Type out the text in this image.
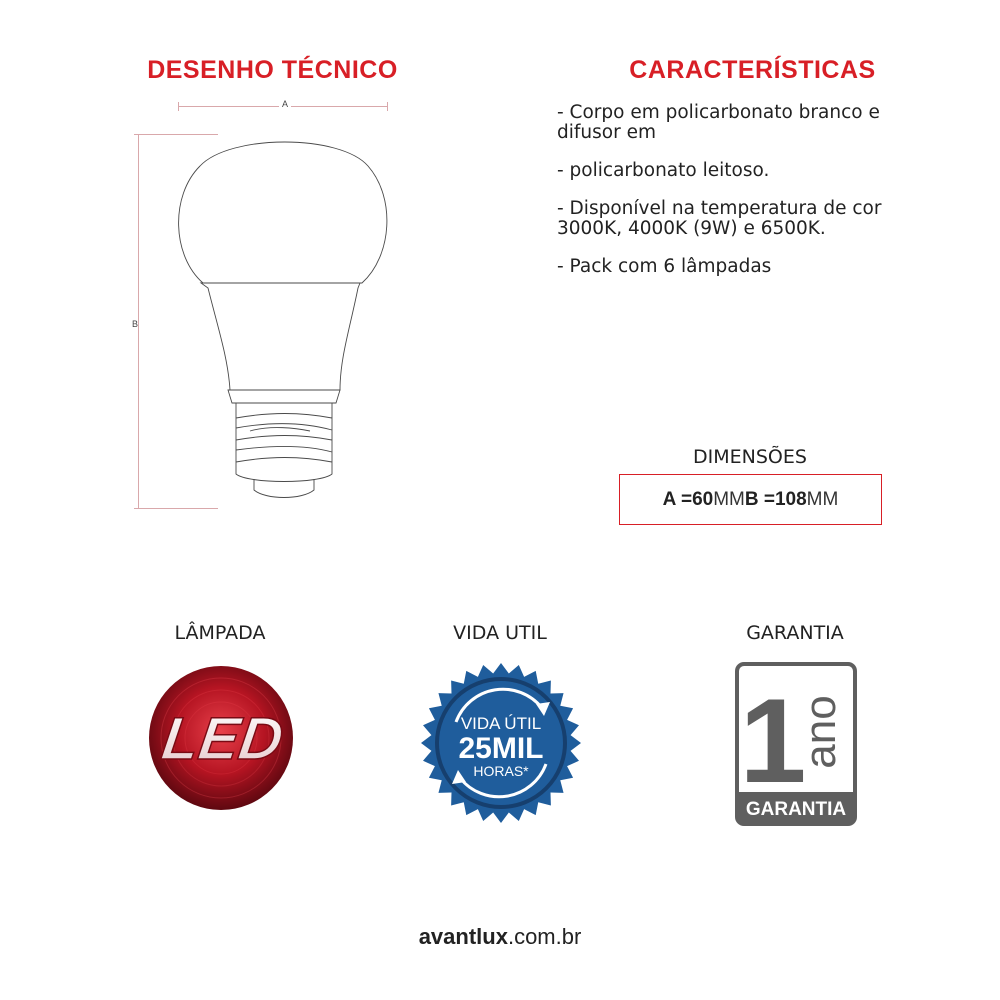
DESENHO TÉCNICO	CARACTERÍSTICAS
A
B

- Corpo em policarbonato branco e difusor em

- policarbonato leitoso.

- Disponível na temperatura de cor 3000K, 4000K (9W) e 6500K.

- Pack com 6 lâmpadas

DIMENSÕES
A = 60 MM B = 108 MM
LÂMPADA	VIDA UTIL	GARANTIA
LED	VIDA ÚTIL
25MIL
HORAS* 1
ano
GARANTIA
avantlux.com.br
